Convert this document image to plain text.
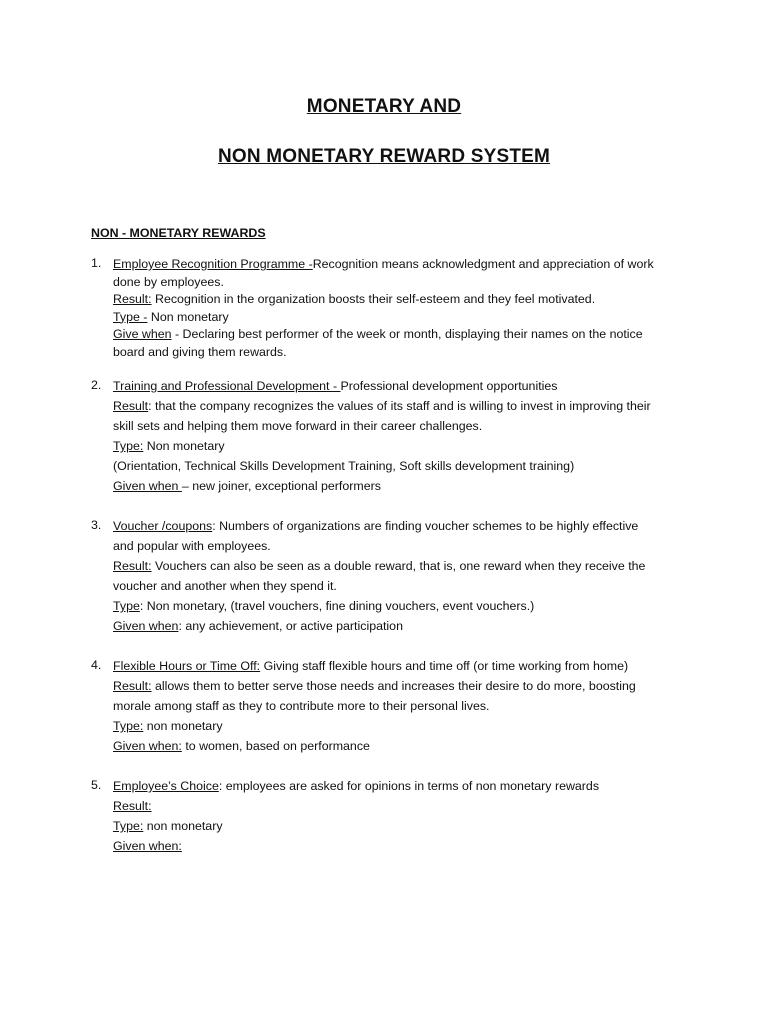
MONETARY AND
NON MONETARY REWARD SYSTEM
NON - MONETARY REWARDS
1. Employee Recognition Programme -Recognition means acknowledgment and appreciation of work
done by employees.
Result: Recognition in the organization boosts their self-esteem and they feel motivated.
Type - Non monetary
Give when - Declaring best performer of the week or month, displaying their names on the notice
board and giving them rewards.
2. Training and Professional Development - Professional development opportunities
Result: that the company recognizes the values of its staff and is willing to invest in improving their
skill sets and helping them move forward in their career challenges.
Type: Non monetary
(Orientation, Technical Skills Development Training, Soft skills development training)
Given when – new joiner, exceptional performers
3. Voucher /coupons: Numbers of organizations are finding voucher schemes to be highly effective
and popular with employees.
Result: Vouchers can also be seen as a double reward, that is, one reward when they receive the
voucher and another when they spend it.
Type: Non monetary, (travel vouchers, fine dining vouchers, event vouchers.)
Given when: any achievement, or active participation
4. Flexible Hours or Time Off: Giving staff flexible hours and time off (or time working from home)
Result: allows them to better serve those needs and increases their desire to do more, boosting
morale among staff as they to contribute more to their personal lives.
Type: non monetary
Given when: to women, based on performance
5. Employee’s Choice: employees are asked for opinions in terms of non monetary rewards
Result:
Type: non monetary
Given when:
